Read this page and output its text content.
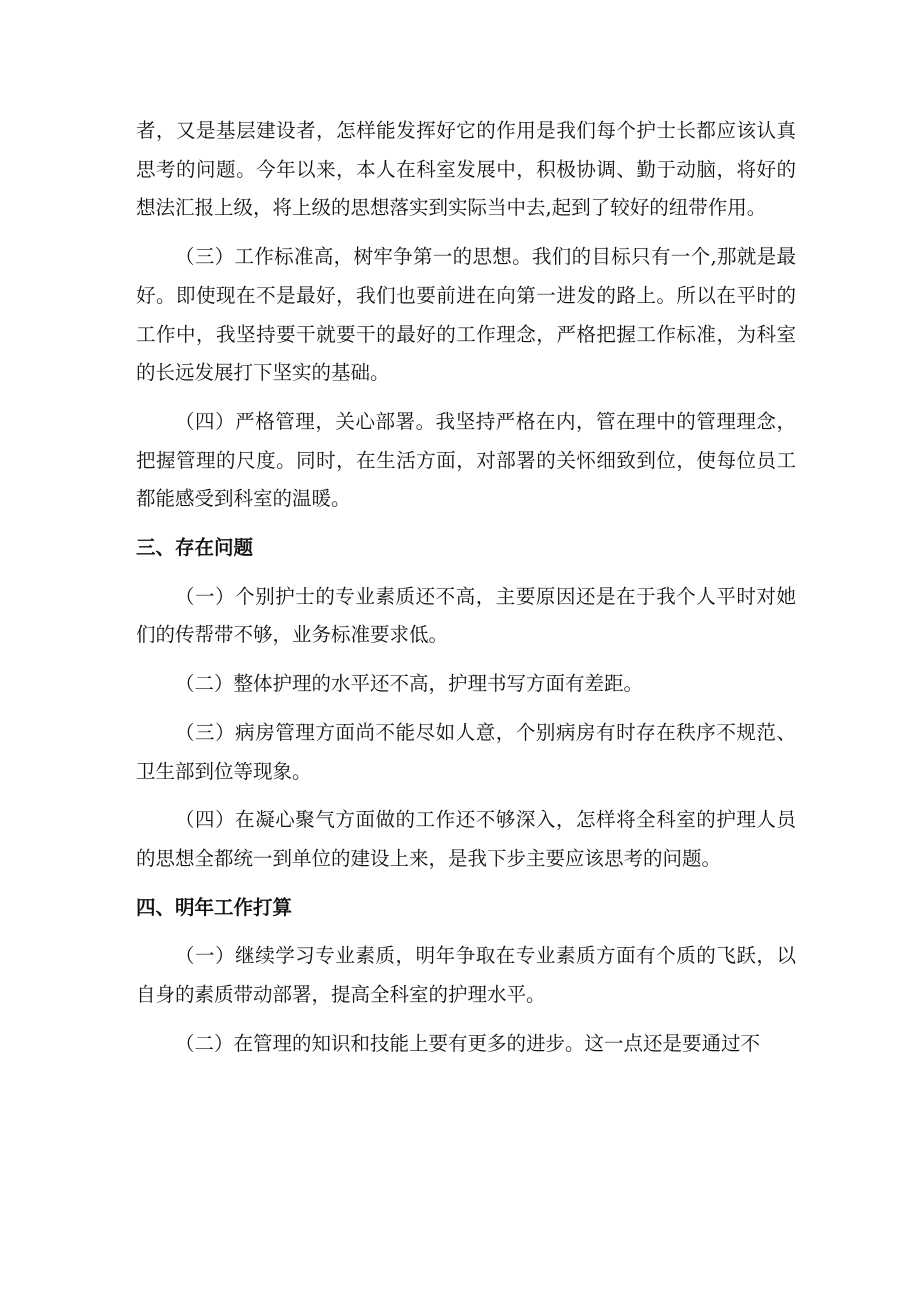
者，又是基层建设者，怎样能发挥好它的作用是我们每个护士长都应该认真思考的问题。今年以来，本人在科室发展中，积极协调、勤于动脑，将好的想法汇报上级，将上级的思想落实到实际当中去,起到了较好的纽带作用。

（三）工作标准高，树牢争第一的思想。我们的目标只有一个,那就是最好。即使现在不是最好，我们也要前进在向第一进发的路上。所以在平时的工作中，我坚持要干就要干的最好的工作理念，严格把握工作标准，为科室的长远发展打下坚实的基础。

（四）严格管理，关心部署。我坚持严格在内，管在理中的管理理念，把握管理的尺度。同时，在生活方面，对部署的关怀细致到位，使每位员工都能感受到科室的温暖。

三、存在问题

（一）个别护士的专业素质还不高，主要原因还是在于我个人平时对她们的传帮带不够，业务标准要求低。

（二）整体护理的水平还不高，护理书写方面有差距。

（三）病房管理方面尚不能尽如人意，个别病房有时存在秩序不规范、卫生部到位等现象。

（四）在凝心聚气方面做的工作还不够深入，怎样将全科室的护理人员的思想全都统一到单位的建设上来，是我下步主要应该思考的问题。

四、明年工作打算

（一）继续学习专业素质，明年争取在专业素质方面有个质的飞跃，以自身的素质带动部署，提高全科室的护理水平。

（二）在管理的知识和技能上要有更多的进步。这一点还是要通过不
